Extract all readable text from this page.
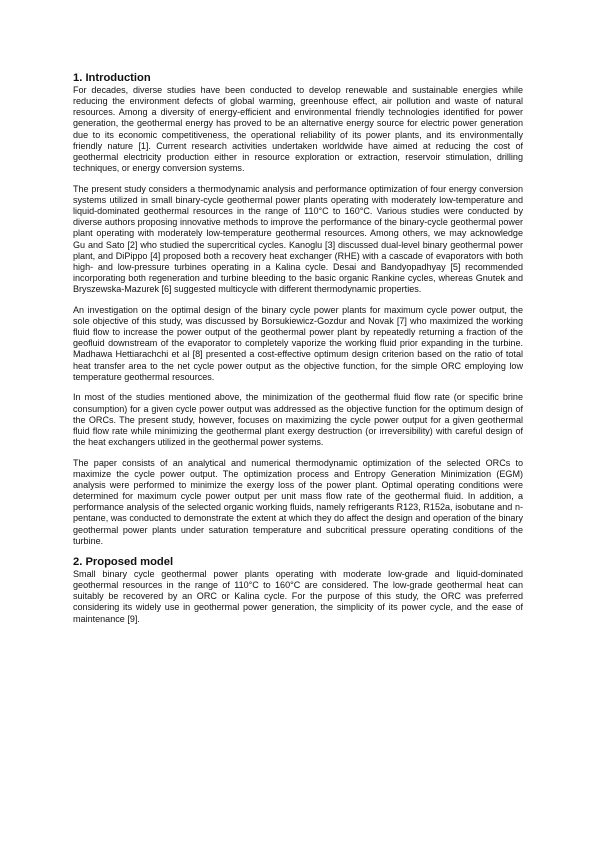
1. Introduction

For decades, diverse studies have been conducted to develop renewable and sustainable energies while reducing the environment defects of global warming, greenhouse effect, air pollution and waste of natural resources. Among a diversity of energy-efficient and environmental friendly technologies identified for power generation, the geothermal energy has proved to be an alternative energy source for electric power generation due to its economic competitiveness, the operational reliability of its power plants, and its environmentally friendly nature [1]. Current research activities undertaken worldwide have aimed at reducing the cost of geothermal electricity production either in resource exploration or extraction, reservoir stimulation, drilling techniques, or energy conversion systems.

The present study considers a thermodynamic analysis and performance optimization of four energy conversion systems utilized in small binary-cycle geothermal power plants operating with moderately low-temperature and liquid-dominated geothermal resources in the range of 110°C to 160°C. Various studies were conducted by diverse authors proposing innovative methods to improve the performance of the binary-cycle geothermal power plant operating with moderately low-temperature geothermal resources. Among others, we may acknowledge Gu and Sato [2] who studied the supercritical cycles. Kanoglu [3] discussed dual-level binary geothermal power plant, and DiPippo [4] proposed both a recovery heat exchanger (RHE) with a cascade of evaporators with both high- and low-pressure turbines operating in a Kalina cycle. Desai and Bandyopadhyay [5] recommended incorporating both regeneration and turbine bleeding to the basic organic Rankine cycles, whereas Gnutek and Bryszewska-Mazurek [6] suggested multicycle with different thermodynamic properties.

An investigation on the optimal design of the binary cycle power plants for maximum cycle power output, the sole objective of this study, was discussed by Borsukiewicz-Gozdur and Novak [7] who maximized the working fluid flow to increase the power output of the geothermal power plant by repeatedly returning a fraction of the geofluid downstream of the evaporator to completely vaporize the working fluid prior expanding in the turbine. Madhawa Hettiarachchi et al [8] presented a cost-effective optimum design criterion based on the ratio of total heat transfer area to the net cycle power output as the objective function, for the simple ORC employing low temperature geothermal resources.

In most of the studies mentioned above, the minimization of the geothermal fluid flow rate (or specific brine consumption) for a given cycle power output was addressed as the objective function for the optimum design of the ORCs. The present study, however, focuses on maximizing the cycle power output for a given geothermal fluid flow rate while minimizing the geothermal plant exergy destruction (or irreversibility) with careful design of the heat exchangers utilized in the geothermal power systems.

The paper consists of an analytical and numerical thermodynamic optimization of the selected ORCs to maximize the cycle power output. The optimization process and Entropy Generation Minimization (EGM) analysis were performed to minimize the exergy loss of the power plant. Optimal operating conditions were determined for maximum cycle power output per unit mass flow rate of the geothermal fluid. In addition, a performance analysis of the selected organic working fluids, namely refrigerants R123, R152a, isobutane and n-pentane, was conducted to demonstrate the extent at which they do affect the design and operation of the binary geothermal power plants under saturation temperature and subcritical pressure operating conditions of the turbine.

2. Proposed model

Small binary cycle geothermal power plants operating with moderate low-grade and liquid-dominated geothermal resources in the range of 110°C to 160°C are considered. The low-grade geothermal heat can suitably be recovered by an ORC or Kalina cycle. For the purpose of this study, the ORC was preferred considering its widely use in geothermal power generation, the simplicity of its power cycle, and the ease of maintenance [9].
